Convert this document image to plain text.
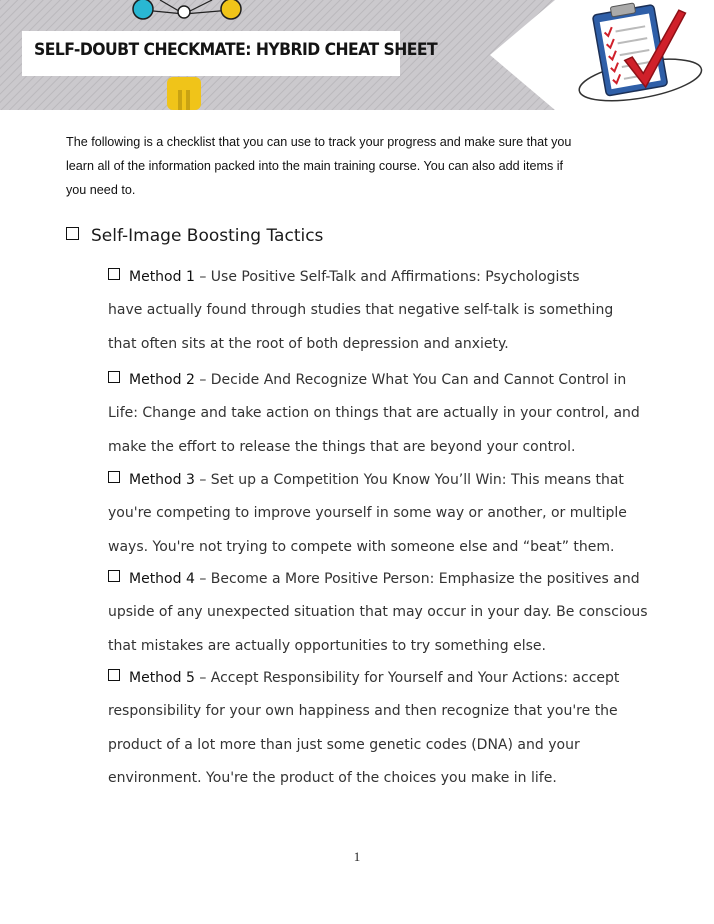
SELF-DOUBT CHECKMATE: HYBRID CHEAT SHEET
The following is a checklist that you can use to track your progress and make sure that you
learn all of the information packed into the main training course. You can also add items if
you need to.
Self-Image Boosting Tactics
Method 1 – Use Positive Self-Talk and Affirmations: Psychologists
have actually found through studies that negative self-talk is something
that often sits at the root of both depression and anxiety.
Method 2 – Decide And Recognize What You Can and Cannot Control in
Life: Change and take action on things that are actually in your control, and
make the effort to release the things that are beyond your control.
Method 3 – Set up a Competition You Know You’ll Win: This means that
you're competing to improve yourself in some way or another, or multiple
ways. You're not trying to compete with someone else and “beat” them.
Method 4 – Become a More Positive Person: Emphasize the positives and
upside of any unexpected situation that may occur in your day. Be conscious
that mistakes are actually opportunities to try something else.
Method 5 – Accept Responsibility for Yourself and Your Actions: accept
responsibility for your own happiness and then recognize that you're the
product of a lot more than just some genetic codes (DNA) and your
environment. You're the product of the choices you make in life.
1
